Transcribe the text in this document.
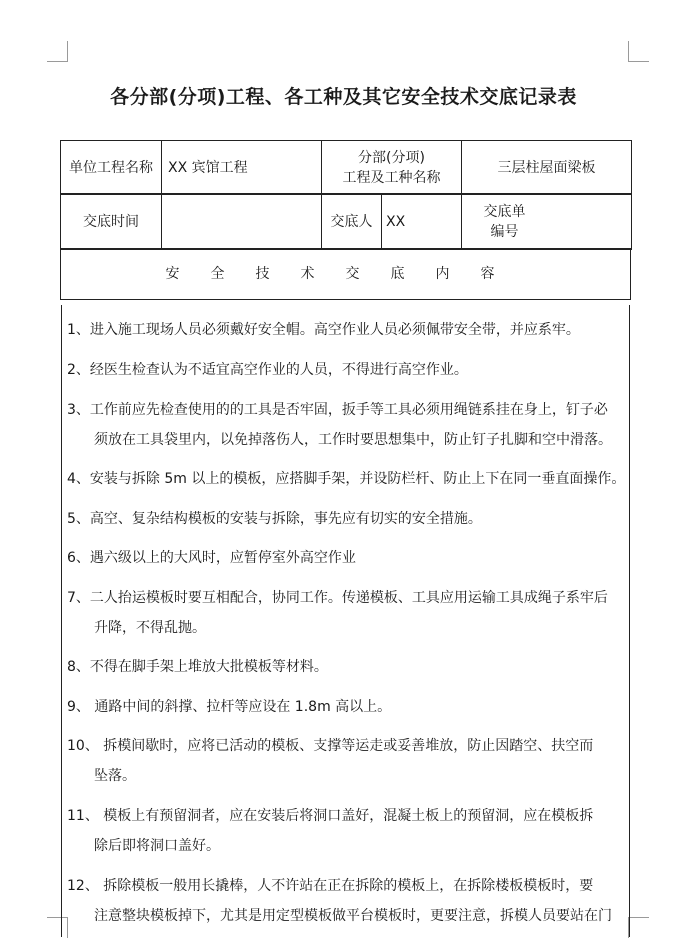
各分部(分项)工程、各工种及其它安全技术交底记录表
单位工程名称	XX 宾馆工程	
分部(分项)
工程及工种名称
	三层柱屋面梁板
交底时间		交底人	XX	
交底单
编号
安全技术交底内容
1、进入施工现场人员必须戴好安全帽。高空作业人员必须佩带安全带，并应系牢。
2、经医生检查认为不适宜高空作业的人员，不得进行高空作业。
3、工作前应先检查使用的的工具是否牢固，扳手等工具必须用绳链系挂在身上，钉子必
须放在工具袋里内，以免掉落伤人，工作时要思想集中，防止钉子扎脚和空中滑落。
4、安装与拆除 5m 以上的模板，应搭脚手架，并设防栏杆、防止上下在同一垂直面操作。
5、高空、复杂结构模板的安装与拆除，事先应有切实的安全措施。
6、遇六级以上的大风时，应暂停室外高空作业
7、二人抬运模板时要互相配合，协同工作。传递模板、工具应用运输工具成绳子系牢后
升降，不得乱抛。
8、不得在脚手架上堆放大批模板等材料。
9、 通路中间的斜撑、拉杆等应设在 1.8m 高以上。
10、 拆模间歇时，应将已活动的模板、支撑等运走或妥善堆放，防止因踏空、扶空而
坠落。
11、 模板上有预留洞者，应在安装后将洞口盖好，混凝土板上的预留洞，应在模板拆
除后即将洞口盖好。
12、 拆除模板一般用长撬棒，人不许站在正在拆除的模板上，在拆除楼板模板时，要
注意整块模板掉下，尤其是用定型模板做平台模板时，更要注意，拆模人员要站在门
